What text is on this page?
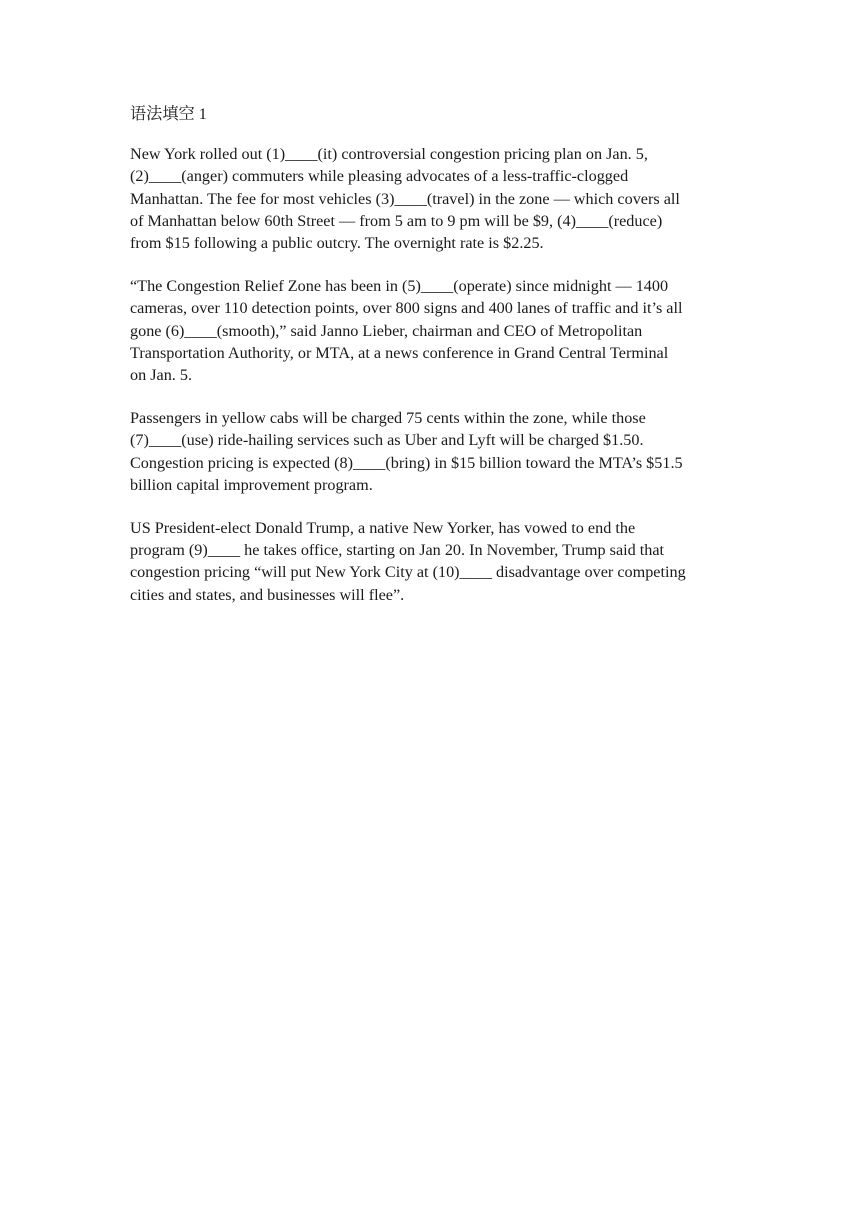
语法填空 1
New York rolled out (1)____(it) controversial congestion pricing plan on Jan. 5,
(2)____(anger) commuters while pleasing advocates of a less-traffic-clogged
Manhattan. The fee for most vehicles (3)____(travel) in the zone — which covers all
of Manhattan below 60th Street — from 5 am to 9 pm will be $9, (4)____(reduce)
from $15 following a public outcry. The overnight rate is $2.25.
“The Congestion Relief Zone has been in (5)____(operate) since midnight — 1400
cameras, over 110 detection points, over 800 signs and 400 lanes of traffic and it’s all
gone (6)____(smooth),” said Janno Lieber, chairman and CEO of Metropolitan
Transportation Authority, or MTA, at a news conference in Grand Central Terminal
on Jan. 5.
Passengers in yellow cabs will be charged 75 cents within the zone, while those
(7)____(use) ride-hailing services such as Uber and Lyft will be charged $1.50.
Congestion pricing is expected (8)____(bring) in $15 billion toward the MTA’s $51.5
billion capital improvement program.
US President-elect Donald Trump, a native New Yorker, has vowed to end the
program (9)____ he takes office, starting on Jan 20. In November, Trump said that
congestion pricing “will put New York City at (10)____ disadvantage over competing
cities and states, and businesses will flee”.
